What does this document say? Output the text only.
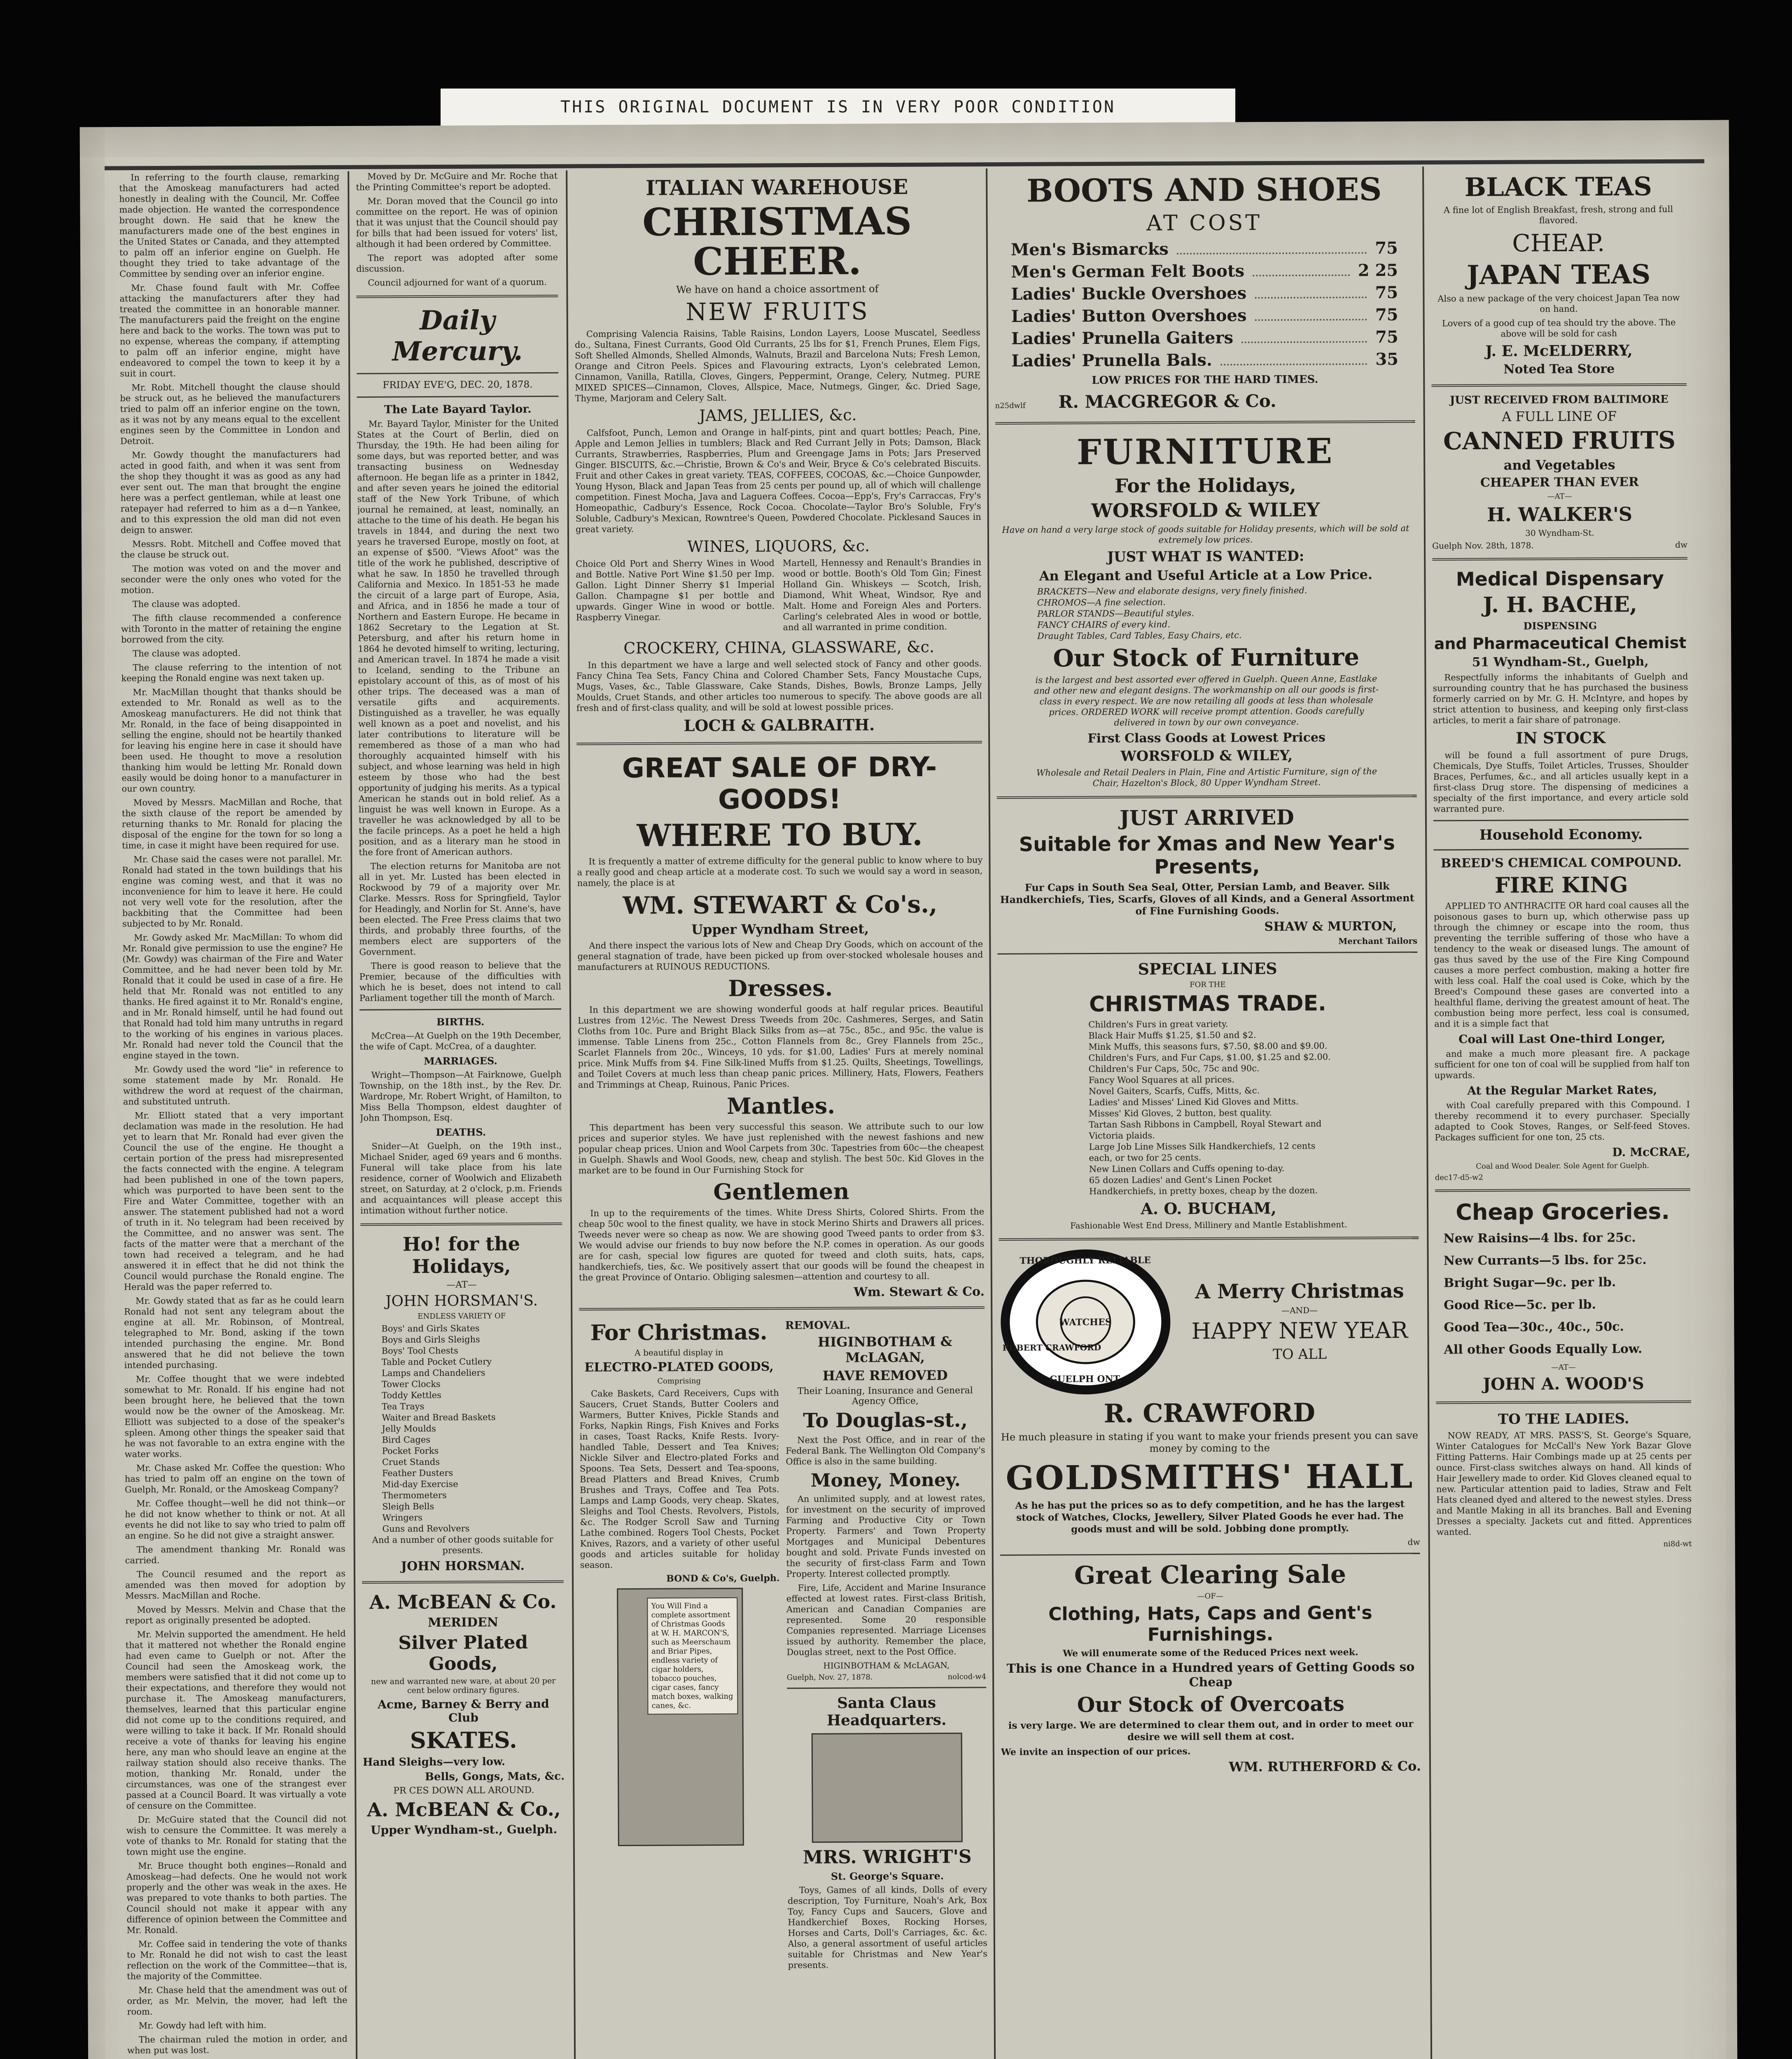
THIS ORIGINAL DOCUMENT IS IN VERY POOR CONDITION

In referring to the fourth clause, remarking that the Amoskeag manufacturers had acted honestly in dealing with the Council, Mr. Coffee made objection. He wanted the correspondence brought down. He said that he knew the manufacturers made one of the best engines in the United States or Canada, and they attempted to palm off an inferior engine on Guelph. He thought they tried to take advantage of the Committee by sending over an inferior engine.

Mr. Chase found fault with Mr. Coffee attacking the manufacturers after they had treated the committee in an honorable manner. The manufacturers paid the freight on the engine here and back to the works. The town was put to no expense, whereas the company, if attempting to palm off an inferior engine, might have endeavored to compel the town to keep it by a suit in court.

Mr. Robt. Mitchell thought the clause should be struck out, as he believed the manufacturers tried to palm off an inferior engine on the town, as it was not by any means equal to the excellent engines seen by the Committee in London and Detroit.

Mr. Gowdy thought the manufacturers had acted in good faith, and when it was sent from the shop they thought it was as good as any had ever sent out. The man that brought the engine here was a perfect gentleman, while at least one ratepayer had referred to him as a d—n Yankee, and to this expression the old man did not even deign to answer.

Messrs. Robt. Mitchell and Coffee moved that the clause be struck out.

The motion was voted on and the mover and seconder were the only ones who voted for the motion.

The clause was adopted.

The fifth clause recommended a conference with Toronto in the matter of retaining the engine borrowed from the city.

The clause was adopted.

The clause referring to the intention of not keeping the Ronald engine was next taken up.

Mr. MacMillan thought that thanks should be extended to Mr. Ronald as well as to the Amoskeag manufacturers. He did not think that Mr. Ronald, in the face of being disappointed in selling the engine, should not be heartily thanked for leaving his engine here in case it should have been used. He thought to move a resolution thanking him would be letting Mr. Ronald down easily would be doing honor to a manufacturer in our own country.

Moved by Messrs. MacMillan and Roche, that the sixth clause of the report be amended by returning thanks to Mr. Ronald for placing the disposal of the engine for the town for so long a time, in case it might have been required for use.

Mr. Chase said the cases were not parallel. Mr. Ronald had stated in the town buildings that his engine was coming west, and that it was no inconvenience for him to leave it here. He could not very well vote for the resolution, after the backbiting that the Committee had been subjected to by Mr. Ronald.

Mr. Gowdy asked Mr. MacMillan: To whom did Mr. Ronald give permission to use the engine? He (Mr. Gowdy) was chairman of the Fire and Water Committee, and he had never been told by Mr. Ronald that it could be used in case of a fire. He held that Mr. Ronald was not entitled to any thanks. He fired against it to Mr. Ronald's engine, and in Mr. Ronald himself, until he had found out that Ronald had told him many untruths in regard to the working of his engines in various places. Mr. Ronald had never told the Council that the engine stayed in the town.

Mr. Gowdy used the word "lie" in reference to some statement made by Mr. Ronald. He withdrew the word at request of the chairman, and substituted untruth.

Mr. Elliott stated that a very important declamation was made in the resolution. He had yet to learn that Mr. Ronald had ever given the Council the use of the engine. He thought a certain portion of the press had misrepresented the facts connected with the engine. A telegram had been published in one of the town papers, which was purported to have been sent to the Fire and Water Committee, together with an answer. The statement published had not a word of truth in it. No telegram had been received by the Committee, and no answer was sent. The facts of the matter were that a merchant of the town had received a telegram, and he had answered it in effect that he did not think the Council would purchase the Ronald engine. The Herald was the paper referred to.

Mr. Gowdy stated that as far as he could learn Ronald had not sent any telegram about the engine at all. Mr. Robinson, of Montreal, telegraphed to Mr. Bond, asking if the town intended purchasing the engine. Mr. Bond answered that he did not believe the town intended purchasing.

Mr. Coffee thought that we were indebted somewhat to Mr. Ronald. If his engine had not been brought here, he believed that the town would now be the owner of the Amoskeag. Mr. Elliott was subjected to a dose of the speaker's spleen. Among other things the speaker said that he was not favorable to an extra engine with the water works.

Mr. Chase asked Mr. Coffee the question: Who has tried to palm off an engine on the town of Guelph, Mr. Ronald, or the Amoskeag Company?

Mr. Coffee thought—well he did not think—or he did not know whether to think or not. At all events he did not like to say who tried to palm off an engine. So he did not give a straight answer.

The amendment thanking Mr. Ronald was carried.

The Council resumed and the report as amended was then moved for adoption by Messrs. MacMillan and Roche.

Moved by Messrs. Melvin and Chase that the report as originally presented be adopted.

Mr. Melvin supported the amendment. He held that it mattered not whether the Ronald engine had even came to Guelph or not. After the Council had seen the Amoskeag work, the members were satisfied that it did not come up to their expectations, and therefore they would not purchase it. The Amoskeag manufacturers, themselves, learned that this particular engine did not come up to the conditions required, and were willing to take it back. If Mr. Ronald should receive a vote of thanks for leaving his engine here, any man who should leave an engine at the railway station should also receive thanks. The motion, thanking Mr. Ronald, under the circumstances, was one of the strangest ever passed at a Council Board. It was virtually a vote of censure on the Committee.

Dr. McGuire stated that the Council did not wish to censure the Committee. It was merely a vote of thanks to Mr. Ronald for stating that the town might use the engine.

Mr. Bruce thought both engines—Ronald and Amoskeag—had defects. One he would not work properly and the other was weak in the axes. He was prepared to vote thanks to both parties. The Council should not make it appear with any difference of opinion between the Committee and Mr. Ronald.

Mr. Coffee said in tendering the vote of thanks to Mr. Ronald he did not wish to cast the least reflection on the work of the Committee—that is, the majority of the Committee.

Mr. Chase held that the amendment was out of order, as Mr. Melvin, the mover, had left the room.

Mr. Gowdy had left with him.

The chairman ruled the motion in order, and when put was lost.

Moved by Dr. McGuire and Mr. Roche that the Printing Committee's report be adopted.

Mr. Doran moved that the Council go into committee on the report. He was of opinion that it was unjust that the Council should pay for bills that had been issued for voters' list, although it had been ordered by Committee.

The report was adopted after some discussion.

Council adjourned for want of a quorum.

Daily Mercury.
FRIDAY EVE'G, DEC. 20, 1878.
The Late Bayard Taylor.

Mr. Bayard Taylor, Minister for the United States at the Court of Berlin, died on Thursday, the 19th. He had been ailing for some days, but was reported better, and was transacting business on Wednesday afternoon. He began life as a printer in 1842, and after seven years he joined the editorial staff of the New York Tribune, of which journal he remained, at least, nominally, an attache to the time of his death. He began his travels in 1844, and during the next two years he traversed Europe, mostly on foot, at an expense of $500. "Views Afoot" was the title of the work he published, descriptive of what he saw. In 1850 he travelled through California and Mexico. In 1851-53 he made the circuit of a large part of Europe, Asia, and Africa, and in 1856 he made a tour of Northern and Eastern Europe. He became in 1862 Secretary to the Legation at St. Petersburg, and after his return home in 1864 he devoted himself to writing, lecturing, and American travel. In 1874 he made a visit to Iceland, sending to the Tribune an epistolary account of this, as of most of his other trips. The deceased was a man of versatile gifts and acquirements. Distinguished as a traveller, he was equally well known as a poet and novelist, and his later contributions to literature will be remembered as those of a man who had thoroughly acquainted himself with his subject, and whose learning was held in high esteem by those who had the best opportunity of judging his merits. As a typical American he stands out in bold relief. As a linguist he was well known in Europe. As a traveller he was acknowledged by all to be the facile princeps. As a poet he held a high position, and as a literary man he stood in the fore front of American authors.

The election returns for Manitoba are not all in yet. Mr. Lusted has been elected in Rockwood by 79 of a majority over Mr. Clarke. Messrs. Ross for Springfield, Taylor for Headingly, and Norlin for St. Anne's, have been elected. The Free Press claims that two thirds, and probably three fourths, of the members elect are supporters of the Government.

There is good reason to believe that the Premier, because of the difficulties with which he is beset, does not intend to call Parliament together till the month of March.

BIRTHS.

McCrea—At Guelph on the 19th December, the wife of Capt. McCrea, of a daughter.

MARRIAGES.

Wright—Thompson—At Fairknowe, Guelph Township, on the 18th inst., by the Rev. Dr. Wardrope, Mr. Robert Wright, of Hamilton, to Miss Bella Thompson, eldest daughter of John Thompson, Esq.

DEATHS.

Snider—At Guelph, on the 19th inst., Michael Snider, aged 69 years and 6 months. Funeral will take place from his late residence, corner of Woolwich and Elizabeth street, on Saturday, at 2 o'clock, p.m. Friends and acquaintances will please accept this intimation without further notice.

Ho! for the Holidays,
—AT—
JOHN HORSMAN'S.
ENDLESS VARIETY OF
Boys' and Girls Skates
Boys and Girls Sleighs
Boys' Tool Chests
Table and Pocket Cutlery
Lamps and Chandeliers
Tower Clocks
Toddy Kettles
Tea Trays
Waiter and Bread Baskets
Jelly Moulds
Bird Cages
Pocket Forks
Cruet Stands
Feather Dusters
Mid-day Exercise
Thermometers
Sleigh Bells
Wringers
Guns and Revolvers

And a number of other goods suitable for presents.

JOHN HORSMAN.
A. McBEAN & Co.
MERIDEN
Silver Plated Goods,
new and warranted new ware, at about 20 per cent below ordinary figures.
Acme, Barney & Berry and Club
SKATES.
Hand Sleighs—very low.
Bells, Gongs, Mats, &c.
PR CES DOWN ALL AROUND.
A. McBEAN & Co.,
Upper Wyndham-st., Guelph.
ITALIAN WAREHOUSE
CHRISTMAS CHEER.
We have on hand a choice assortment of
NEW FRUITS

Comprising Valencia Raisins, Table Raisins, London Layers, Loose Muscatel, Seedless do., Sultana, Finest Currants, Good Old Currants, 25 lbs for $1, French Prunes, Elem Figs, Soft Shelled Almonds, Shelled Almonds, Walnuts, Brazil and Barcelona Nuts; Fresh Lemon, Orange and Citron Peels. Spices and Flavouring extracts, Lyon's celebrated Lemon, Cinnamon, Vanilla, Ratilla, Cloves, Gingers, Peppermint, Orange, Celery, Nutmeg. PURE MIXED SPICES—Cinnamon, Cloves, Allspice, Mace, Nutmegs, Ginger, &c. Dried Sage, Thyme, Marjoram and Celery Salt.

JAMS, JELLIES, &c.

Calfsfoot, Punch, Lemon and Orange in half-pints, pint and quart bottles; Peach, Pine, Apple and Lemon Jellies in tumblers; Black and Red Currant Jelly in Pots; Damson, Black Currants, Strawberries, Raspberries, Plum and Greengage Jams in Pots; Jars Preserved Ginger. BISCUITS, &c.—Christie, Brown & Co's and Weir, Bryce & Co's celebrated Biscuits. Fruit and other Cakes in great variety. TEAS, COFFEES, COCOAS, &c.—Choice Gunpowder, Young Hyson, Black and Japan Teas from 25 cents per pound up, all of which will challenge competition. Finest Mocha, Java and Laguera Coffees. Cocoa—Epp's, Fry's Carraccas, Fry's Homeopathic, Cadbury's Essence, Rock Cocoa. Chocolate—Taylor Bro's Soluble, Fry's Soluble, Cadbury's Mexican, Rowntree's Queen, Powdered Chocolate. Picklesand Sauces in great variety.

WINES, LIQUORS, &c.

Choice Old Port and Sherry Wines in Wood and Bottle. Native Port Wine $1.50 per Imp. Gallon. Light Dinner Sherry $1 Imperial Gallon. Champagne $1 per bottle and upwards. Ginger Wine in wood or bottle. Raspberry Vinegar.

Martell, Hennessy and Renault's Brandies in wood or bottle. Booth's Old Tom Gin; Finest Holland Gin. Whiskeys — Scotch, Irish, Diamond, Whit Wheat, Windsor, Rye and Malt. Home and Foreign Ales and Porters. Carling's celebrated Ales in wood or bottle, and all warranted in prime condition.

CROCKERY, CHINA, GLASSWARE, &c.

In this department we have a large and well selected stock of Fancy and other goods. Fancy China Tea Sets, Fancy China and Colored Chamber Sets, Fancy Moustache Cups, Mugs, Vases, &c., Table Glassware, Cake Stands, Dishes, Bowls, Bronze Lamps, Jelly Moulds, Cruet Stands, and other articles too numerous to specify. The above goods are all fresh and of first-class quality, and will be sold at lowest possible prices.

LOCH & GALBRAITH.
GREAT SALE OF DRY-GOODS!
WHERE TO BUY.

It is frequently a matter of extreme difficulty for the general public to know where to buy a really good and cheap article at a moderate cost. To such we would say a word in season, namely, the place is at

WM. STEWART & Co's.,
Upper Wyndham Street,

And there inspect the various lots of New and Cheap Dry Goods, which on account of the general stagnation of trade, have been picked up from over-stocked wholesale houses and manufacturers at RUINOUS REDUCTIONS.

Dresses.

In this department we are showing wonderful goods at half regular prices. Beautiful Lustres from 12½c. The Newest Dress Tweeds from 20c. Cashmeres, Serges, and Satin Cloths from 10c. Pure and Bright Black Silks from as—at 75c., 85c., and 95c. the value is immense. Table Linens from 25c., Cotton Flannels from 8c., Grey Flannels from 25c., Scarlet Flannels from 20c., Winceys, 10 yds. for $1.00, Ladies' Furs at merely nominal price. Mink Muffs from $4. Fine Silk-lined Muffs from $1.25. Quilts, Sheetings, Towellings, and Toilet Covers at much less than cheap panic prices. Millinery, Hats, Flowers, Feathers and Trimmings at Cheap, Ruinous, Panic Prices.

Mantles.

This department has been very successful this season. We attribute such to our low prices and superior styles. We have just replenished with the newest fashions and new popular cheap prices. Union and Wool Carpets from 30c. Tapestries from 60c—the cheapest in Guelph. Shawls and Wool Goods, new, cheap and stylish. The best 50c. Kid Gloves in the market are to be found in Our Furnishing Stock for

Gentlemen

In up to the requirements of the times. White Dress Shirts, Colored Shirts. From the cheap 50c wool to the finest quality, we have in stock Merino Shirts and Drawers all prices. Tweeds never were so cheap as now. We are showing good Tweed pants to order from $3. We would advise our friends to buy now before the N.P. comes in operation. As our goods are for cash, special low figures are quoted for tweed and cloth suits, hats, caps, handkerchiefs, ties, &c. We positively assert that our goods will be found the cheapest in the great Province of Ontario. Obliging salesmen—attention and courtesy to all.

Wm. Stewart & Co.
For Christmas.
A beautiful display in
ELECTRO-PLATED GOODS,
Comprising

Cake Baskets, Card Receivers, Cups with Saucers, Cruet Stands, Butter Coolers and Warmers, Butter Knives, Pickle Stands and Forks, Napkin Rings, Fish Knives and Forks in cases, Toast Racks, Knife Rests. Ivory-handled Table, Dessert and Tea Knives; Nickle Silver and Electro-plated Forks and Spoons. Tea Sets, Dessert and Tea-spoons, Bread Platters and Bread Knives, Crumb Brushes and Trays, Coffee and Tea Pots. Lamps and Lamp Goods, very cheap. Skates, Sleighs and Tool Chests. Revolvers, Pistols, &c. The Rodger Scroll Saw and Turning Lathe combined. Rogers Tool Chests, Pocket Knives, Razors, and a variety of other useful goods and articles suitable for holiday season.

BOND & Co's, Guelph.

You Will Find a complete assortment of Christmas Goods at W. H. MARCON'S, such as Meerschaum and Briar Pipes, endless variety of cigar holders, tobacco pouches, cigar cases, fancy match boxes, walking canes, &c.

REMOVAL.
HIGINBOTHAM & McLAGAN,
HAVE REMOVED
Their Loaning, Insurance and General Agency Office,
To Douglas-st.,

Next the Post Office, and in rear of the Federal Bank. The Wellington Old Company's Office is also in the same building.

Money, Money.

An unlimited supply, and at lowest rates, for investment on the security of improved Farming and Productive City or Town Property. Farmers' and Town Property Mortgages and Municipal Debentures bought and sold. Private Funds invested on the security of first-class Farm and Town Property. Interest collected promptly.

Fire, Life, Accident and Marine Insurance effected at lowest rates. First-class British, American and Canadian Companies are represented. Some 20 responsible Companies represented. Marriage Licenses issued by authority. Remember the place, Douglas street, next to the Post Office.

HIGINBOTHAM & McLAGAN,
Guelph, Nov. 27, 1878.	nolcod-w4
Santa Claus Headquarters.
MRS. WRIGHT'S
St. George's Square.

Toys, Games of all kinds, Dolls of every description, Toy Furniture, Noah's Ark, Box Toy, Fancy Cups and Saucers, Glove and Handkerchief Boxes, Rocking Horses, Horses and Carts, Doll's Carriages, &c. &c. Also, a general assortment of useful articles suitable for Christmas and New Year's presents.

BOOTS AND SHOES
AT COST
Men's Bismarcks	75
Men's German Felt Boots	2 25
Ladies' Buckle Overshoes	75
Ladies' Button Overshoes	75
Ladies' Prunella Gaiters	75
Ladies' Prunella Bals.	35
LOW PRICES FOR THE HARD TIMES.
n25dwlf R. MACGREGOR & Co.
FURNITURE
For the Holidays,
WORSFOLD & WILEY

Have on hand a very large stock of goods suitable for Holiday presents, which will be sold at extremely low prices.

JUST WHAT IS WANTED:
An Elegant and Useful Article at a Low Price.
BRACKETS—New and elaborate designs, very finely finished.
CHROMOS—A fine selection.
PARLOR STANDS—Beautiful styles.
FANCY CHAIRS of every kind.
Draught Tables, Card Tables, Easy Chairs, etc.
Our Stock of Furniture

is the largest and best assorted ever offered in Guelph. Queen Anne, Eastlake and other new and elegant designs. The workmanship on all our goods is first-class in every respect. We are now retailing all goods at less than wholesale prices. ORDERED WORK will receive prompt attention. Goods carefully delivered in town by our own conveyance.

First Class Goods at Lowest Prices
WORSFOLD & WILEY,

Wholesale and Retail Dealers in Plain, Fine and Artistic Furniture, sign of the Chair, Hazelton's Block, 80 Upper Wyndham Street.

JUST ARRIVED
Suitable for Xmas and New Year's Presents,

Fur Caps in South Sea Seal, Otter, Persian Lamb, and Beaver. Silk Handkerchiefs, Ties, Scarfs, Gloves of all Kinds, and a General Assortment of Fine Furnishing Goods.

SHAW & MURTON,
Merchant Tailors
SPECIAL LINES
FOR THE
CHRISTMAS TRADE.
Children's Furs in great variety.
Black Hair Muffs $1.25, $1.50 and $2.
Mink Muffs, this seasons furs, $7.50, $8.00 and $9.00.
Children's Furs, and Fur Caps, $1.00, $1.25 and $2.00.
Children's Fur Caps, 50c, 75c and 90c.
Fancy Wool Squares at all prices.
Novel Gaiters, Scarfs, Cuffs, Mitts, &c.
Ladies' and Misses' Lined Kid Gloves and Mitts.
Misses' Kid Gloves, 2 button, best quality.
Tartan Sash Ribbons in Campbell, Royal Stewart and Victoria plaids.
Large Job Line Misses Silk Handkerchiefs, 12 cents each, or two for 25 cents.
New Linen Collars and Cuffs opening to-day.
65 dozen Ladies' and Gent's Linen Pocket Handkerchiefs, in pretty boxes, cheap by the dozen.
A. O. BUCHAM,
Fashionable West End Dress, Millinery and Mantle Establishment.
THOROUGHLY RELIABLE
WATCHES
ROBERT CRAWFORD
GUELPH ONT.
A Merry Christmas
—AND—
HAPPY NEW YEAR
TO ALL
R. CRAWFORD

He much pleasure in stating if you want to make your friends present you can save money by coming to the

GOLDSMITHS' HALL

As he has put the prices so as to defy competition, and he has the largest stock of Watches, Clocks, Jewellery, Silver Plated Goods he ever had. The goods must and will be sold. Jobbing done promptly.

dw
Great Clearing Sale
—OF—
Clothing, Hats, Caps and Gent's Furnishings.
We will enumerate some of the Reduced Prices next week.
This is one Chance in a Hundred years of Getting Goods so Cheap
Our Stock of Overcoats

is very large. We are determined to clear them out, and in order to meet our desire we will sell them at cost.

We invite an inspection of our prices.
WM. RUTHERFORD & Co.
BLACK TEAS

A fine lot of English Breakfast, fresh, strong and full flavored.

CHEAP.
JAPAN TEAS

Also a new package of the very choicest Japan Tea now on hand.

Lovers of a good cup of tea should try the above. The above will be sold for cash

J. E. McELDERRY,
Noted Tea Store
JUST RECEIVED FROM BALTIMORE
A FULL LINE OF
CANNED FRUITS
and Vegetables
CHEAPER THAN EVER
—AT—
H. WALKER'S
30 Wyndham-St.
Guelph Nov. 28th, 1878.	dw
Medical Dispensary
J. H. BACHE,
DISPENSING
and Pharmaceutical Chemist
51 Wyndham-St., Guelph,

Respectfully informs the inhabitants of Guelph and surrounding country that he has purchased the business formerly carried on by Mr. G. H. McIntyre, and hopes by strict attention to business, and keeping only first-class articles, to merit a fair share of patronage.

IN STOCK

will be found a full assortment of pure Drugs, Chemicals, Dye Stuffs, Toilet Articles, Trusses, Shoulder Braces, Perfumes, &c., and all articles usually kept in a first-class Drug store. The dispensing of medicines a specialty of the first importance, and every article sold warranted pure.

Household Economy.
BREED'S CHEMICAL COMPOUND.
FIRE KING

APPLIED TO ANTHRACITE OR hard coal causes all the poisonous gases to burn up, which otherwise pass up through the chimney or escape into the room, thus preventing the terrible suffering of those who have a tendency to the weak or diseased lungs. The amount of gas thus saved by the use of the Fire King Compound causes a more perfect combustion, making a hotter fire with less coal. Half the coal used is Coke, which by the Breed's Compound these gases are converted into a healthful flame, deriving the greatest amount of heat. The combustion being more perfect, less coal is consumed, and it is a simple fact that

Coal will Last One-third Longer,

and make a much more pleasant fire. A package sufficient for one ton of coal will be supplied from half ton upwards.

At the Regular Market Rates,

with Coal carefully prepared with this Compound. I thereby recommend it to every purchaser. Specially adapted to Cook Stoves, Ranges, or Self-feed Stoves. Packages sufficient for one ton, 25 cts.

D. McCRAE,
Coal and Wood Dealer. Sole Agent for Guelph.
dec17-d5-w2
Cheap Groceries.
New Raisins—4 lbs. for 25c.
New Currants—5 lbs. for 25c.
Bright Sugar—9c. per lb.
Good Rice—5c. per lb.
Good Tea—30c., 40c., 50c.
All other Goods Equally Low.
—AT—
JOHN A. WOOD'S
TO THE LADIES.

NOW READY, AT MRS. PASS'S, St. George's Square, Winter Catalogues for McCall's New York Bazar Glove Fitting Patterns. Hair Combings made up at 25 cents per ounce. First-class switches always on hand. All kinds of Hair Jewellery made to order. Kid Gloves cleaned equal to new. Particular attention paid to ladies, Straw and Felt Hats cleaned dyed and altered to the newest styles. Dress and Mantle Making in all its branches. Ball and Evening Dresses a specialty. Jackets cut and fitted. Apprentices wanted.

ni8d-wt
